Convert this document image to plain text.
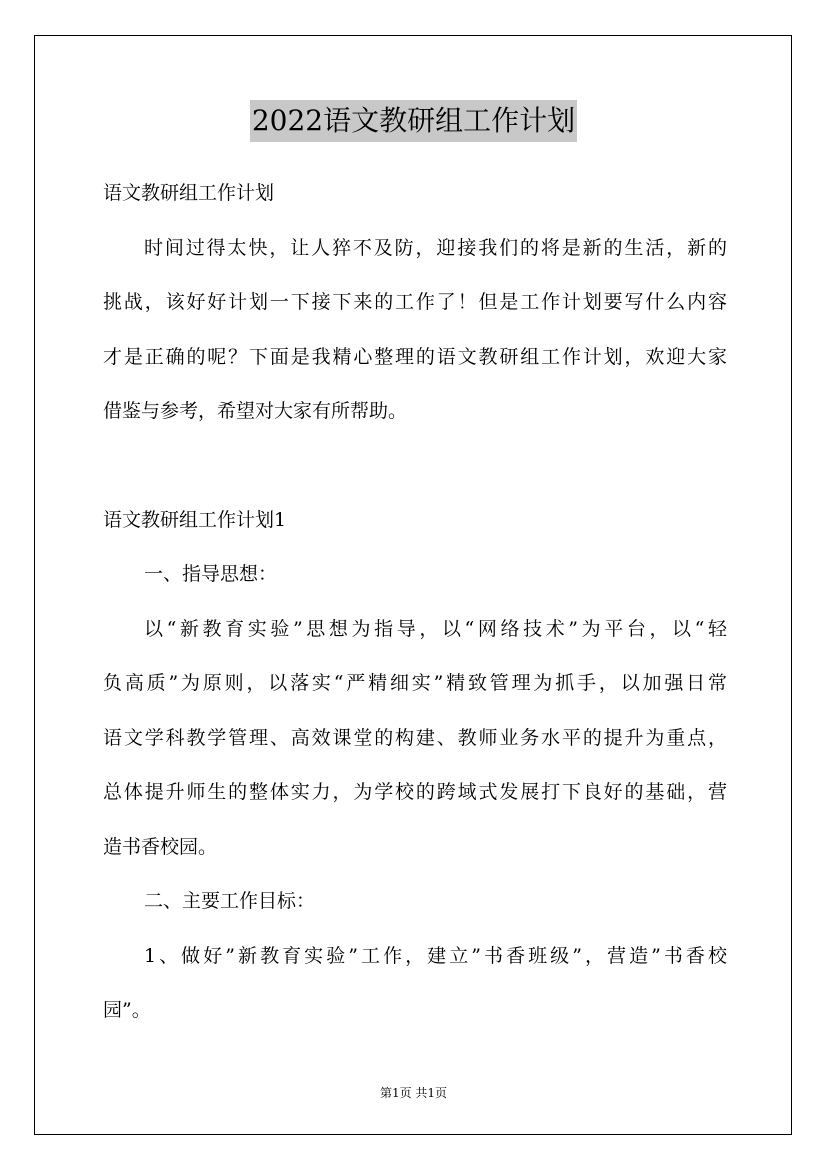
2022语文教研组工作计划
语文教研组工作计划
时间过得太快，让人猝不及防，迎接我们的将是新的生活，新的
挑战，该好好计划一下接下来的工作了！但是工作计划要写什么内容
才是正确的呢？下面是我精心整理的语文教研组工作计划，欢迎大家
借鉴与参考，希望对大家有所帮助。
语文教研组工作计划1
一、指导思想：
以“新教育实验”思想为指导，以“网络技术”为平台，以“轻
负高质”为原则，以落实“严精细实”精致管理为抓手，以加强日常
语文学科教学管理、高效课堂的构建、教师业务水平的提升为重点，
总体提升师生的整体实力，为学校的跨域式发展打下良好的基础，营
造书香校园。
二、主要工作目标：
1、做好”新教育实验”工作，建立”书香班级”，营造”书香校
园”。
第1页 共1页
